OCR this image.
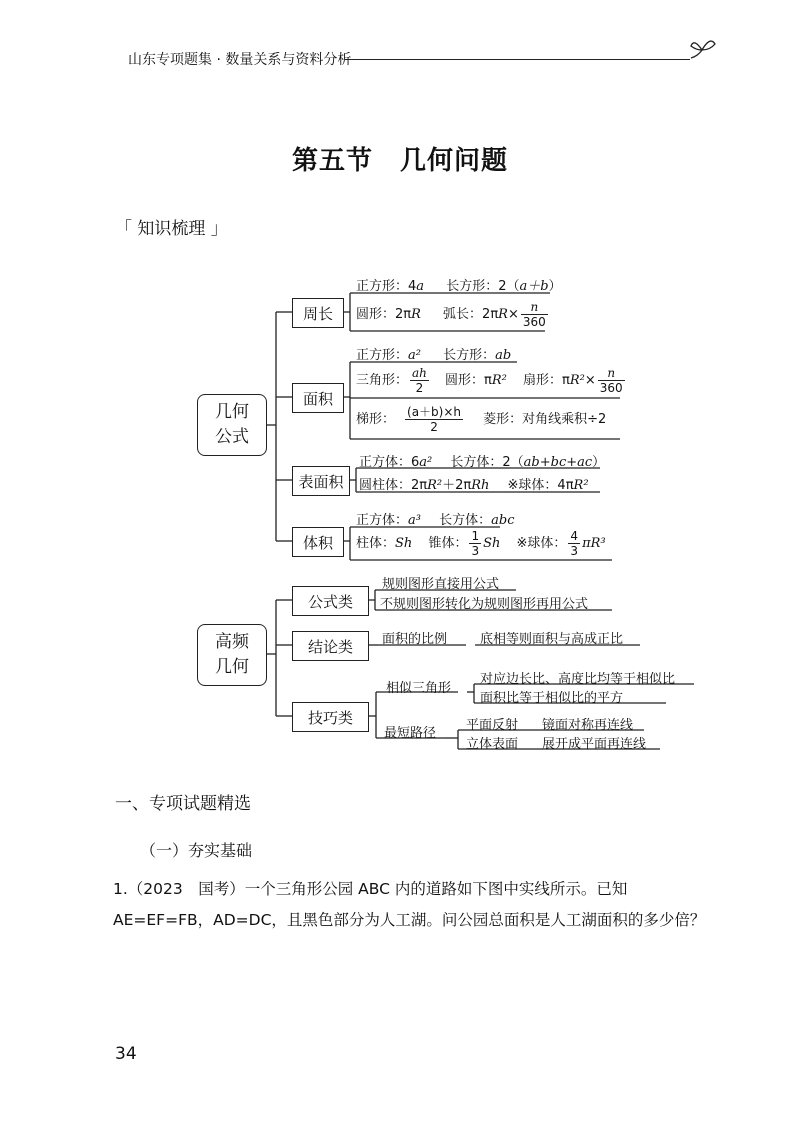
山东专项题集 · 数量关系与资料分析
第五节　几何问题
「 知识梳理 」
几何
公式
周长
面积
表面积
体积
正方形：4a 长方形：2（a＋b）
圆形：2πR 弧长：$2\pi R\times \frac{n}{360}$
正方形：a² 长方形：ab
三角形： $\frac{ah}{2}$ 圆形：πR² 扇形：$\pi R^2\times \frac{n}{360}$
梯形： $\frac{(a+b)\times h}{2}$ 菱形：对角线乘积÷2
正方体：6a² 长方体：2（ab+bc+ac）
圆柱体：2πR²＋2πRh ※球体：4πR²
正方体：a³ 长方体：abc
柱体：Sh 锥体： $\frac{1}{3}$ Sh ※球体： $\frac{4}{3} \pi R^3$
高频
几何
公式类
结论类
技巧类
规则图形直接用公式
不规则图形转化为规则图形再用公式
面积的比例	底相等则面积与高成正比
相似三角形
对应边长比、高度比均等于相似比
面积比等于相似比的平方
最短路径
平面反射 镜面对称再连线
立体表面 展开成平面再连线
一、专项试题精选
（一）夯实基础
1.（2023　国考）一个三角形公园 ABC 内的道路如下图中实线所示。已知
AE=EF=FB，AD=DC，且黑色部分为人工湖。问公园总面积是人工湖面积的多少倍？
34
